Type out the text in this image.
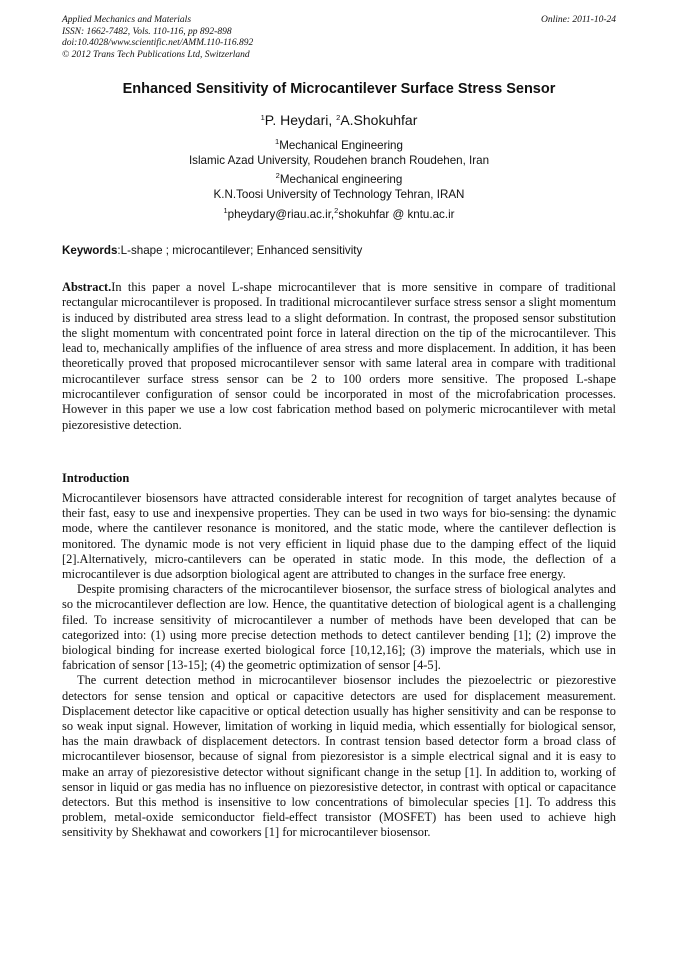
Applied Mechanics and Materials
ISSN: 1662-7482, Vols. 110-116, pp 892-898
doi:10.4028/www.scientific.net/AMM.110-116.892
© 2012 Trans Tech Publications Ltd, Switzerland
Online: 2011-10-24
Enhanced Sensitivity of Microcantilever Surface Stress Sensor
$^1$P. Heydari, $^2$A.Shokuhfar
$^1$Mechanical Engineering
Islamic Azad University, Roudehen branch Roudehen, Iran
$^2$Mechanical engineering
K.N.Toosi University of Technology Tehran, IRAN
$^1$pheydary@riau.ac.ir,$^2$shokuhfar @ kntu.ac.ir
Keywords:L-shape ; microcantilever; Enhanced sensitivity
Abstract.In this paper a novel L-shape microcantilever that is more sensitive in compare of traditional rectangular microcantilever is proposed. In traditional microcantilever surface stress sensor a slight momentum is induced by distributed area stress lead to a slight deformation. In contrast, the proposed sensor substitution the slight momentum with concentrated point force in lateral direction on the tip of the microcantilever. This lead to, mechanically amplifies of the influence of area stress and more displacement. In addition, it has been theoretically proved that proposed microcantilever sensor with same lateral area in compare with traditional microcantilever surface stress sensor can be 2 to 100 orders more sensitive. The proposed L-shape microcantilever configuration of sensor could be incorporated in most of the microfabrication processes. However in this paper we use a low cost fabrication method based on polymeric microcantilever with metal piezoresistive detection.
Introduction

Microcantilever biosensors have attracted considerable interest for recognition of target analytes because of their fast, easy to use and inexpensive properties. They can be used in two ways for bio-sensing: the dynamic mode, where the cantilever resonance is monitored, and the static mode, where the cantilever deflection is monitored. The dynamic mode is not very efficient in liquid phase due to the damping effect of the liquid [2].Alternatively, micro-cantilevers can be operated in static mode. In this mode, the deflection of a microcantilever is due adsorption biological agent are attributed to changes in the surface free energy.

Despite promising characters of the microcantilever biosensor, the surface stress of biological analytes and so the microcantilever deflection are low. Hence, the quantitative detection of biological agent is a challenging filed. To increase sensitivity of microcantilever a number of methods have been developed that can be categorized into: (1) using more precise detection methods to detect cantilever bending [1]; (2) improve the biological binding for increase exerted biological force [10,12,16]; (3) improve the materials, which use in fabrication of sensor [13-15]; (4) the geometric optimization of sensor [4-5].

The current detection method in microcantilever biosensor includes the piezoelectric or piezorestive detectors for sense tension and optical or capacitive detectors are used for displacement measurement. Displacement detector like capacitive or optical detection usually has higher sensitivity and can be response to so weak input signal. However, limitation of working in liquid media, which essentially for biological sensor, has the main drawback of displacement detectors. In contrast tension based detector form a broad class of microcantilever biosensor, because of signal from piezoresistor is a simple electrical signal and it is easy to make an array of piezoresistive detector without significant change in the setup [1]. In addition to, working of sensor in liquid or gas media has no influence on piezoresistive detector, in contrast with optical or capacitance detectors. But this method is insensitive to low concentrations of bimolecular species [1]. To address this problem, metal-oxide semiconductor field-effect transistor (MOSFET) has been used to achieve high sensitivity by Shekhawat and coworkers [1] for microcantilever biosensor.
